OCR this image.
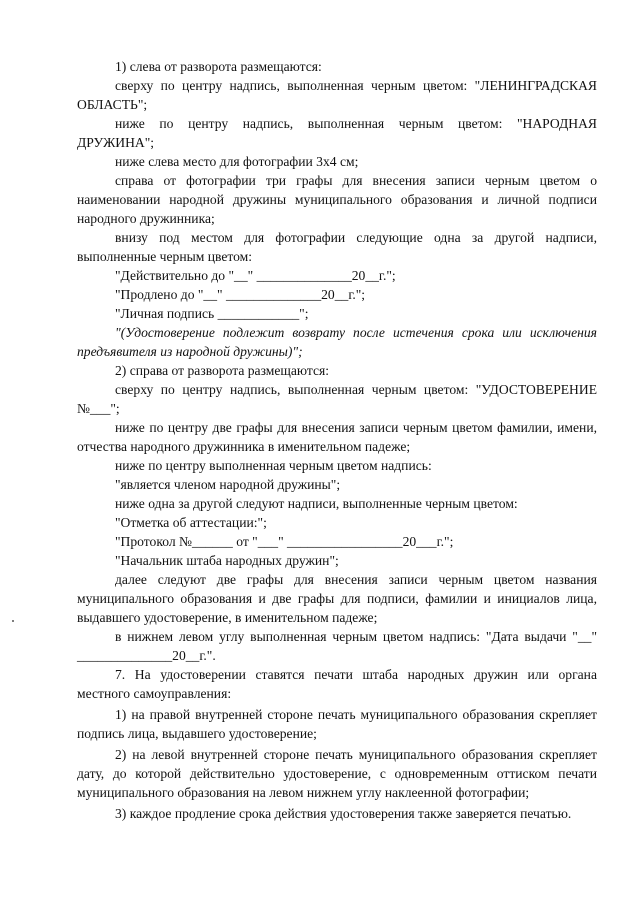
1) слева от разворота размещаются:

сверху по центру надпись, выполненная черным цветом: "ЛЕНИНГРАДСКАЯ ОБЛАСТЬ";

ниже по центру надпись, выполненная черным цветом: "НАРОДНАЯ ДРУЖИНА";

ниже слева место для фотографии 3х4 см;

справа от фотографии три графы для внесения записи черным цветом о наименовании народной дружины муниципального образования и личной подписи народного дружинника;

внизу под местом для фотографии следующие одна за другой надписи, выполненные черным цветом:

"Действительно до "__" ______________20__г.";

"Продлено до "__" ______________20__г.";

"Личная подпись ____________";

"(Удостоверение подлежит возврату после истечения срока или исключения предъявителя из народной дружины)";

2) справа от разворота размещаются:

сверху по центру надпись, выполненная черным цветом: "УДОСТОВЕРЕНИЕ №___";

ниже по центру две графы для внесения записи черным цветом фамилии, имени, отчества народного дружинника в именительном падеже;

ниже по центру выполненная черным цветом надпись:

"является членом народной дружины";

ниже одна за другой следуют надписи, выполненные черным цветом:

"Отметка об аттестации:";

"Протокол №______ от "___" _________________20___г.";

"Начальник штаба народных дружин";

далее следуют две графы для внесения записи черным цветом названия муниципального образования и две графы для подписи, фамилии и инициалов лица, выдавшего удостоверение, в именительном падеже;

в нижнем левом углу выполненная черным цветом надпись: "Дата выдачи "__" ______________20__г.".

7. На удостоверении ставятся печати штаба народных дружин или органа местного самоуправления:

1) на правой внутренней стороне печать муниципального образования скрепляет подпись лица, выдавшего удостоверение;

2) на левой внутренней стороне печать муниципального образования скрепляет дату, до которой действительно удостоверение, с одновременным оттиском печати муниципального образования на левом нижнем углу наклеенной фотографии;

3) каждое продление срока действия удостоверения также заверяется печатью.
